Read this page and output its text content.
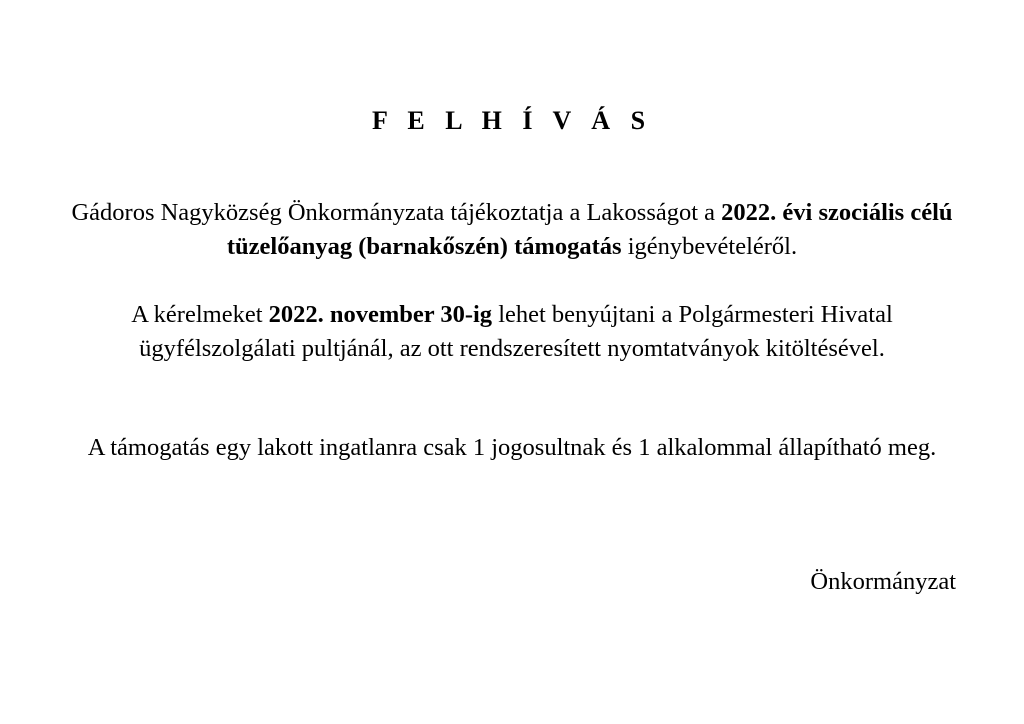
F E L H Í V Á S
Gádoros Nagyközség Önkormányzata tájékoztatja a Lakosságot a 2022. évi szociális célú tüzelőanyag (barnakőszén) támogatás igénybevételéről.
A kérelmeket 2022. november 30-ig lehet benyújtani a Polgármesteri Hivatal ügyfélszolgálati pultjánál, az ott rendszeresített nyomtatványok kitöltésével.
A támogatás egy lakott ingatlanra csak 1 jogosultnak és 1 alkalommal állapítható meg.
Önkormányzat
